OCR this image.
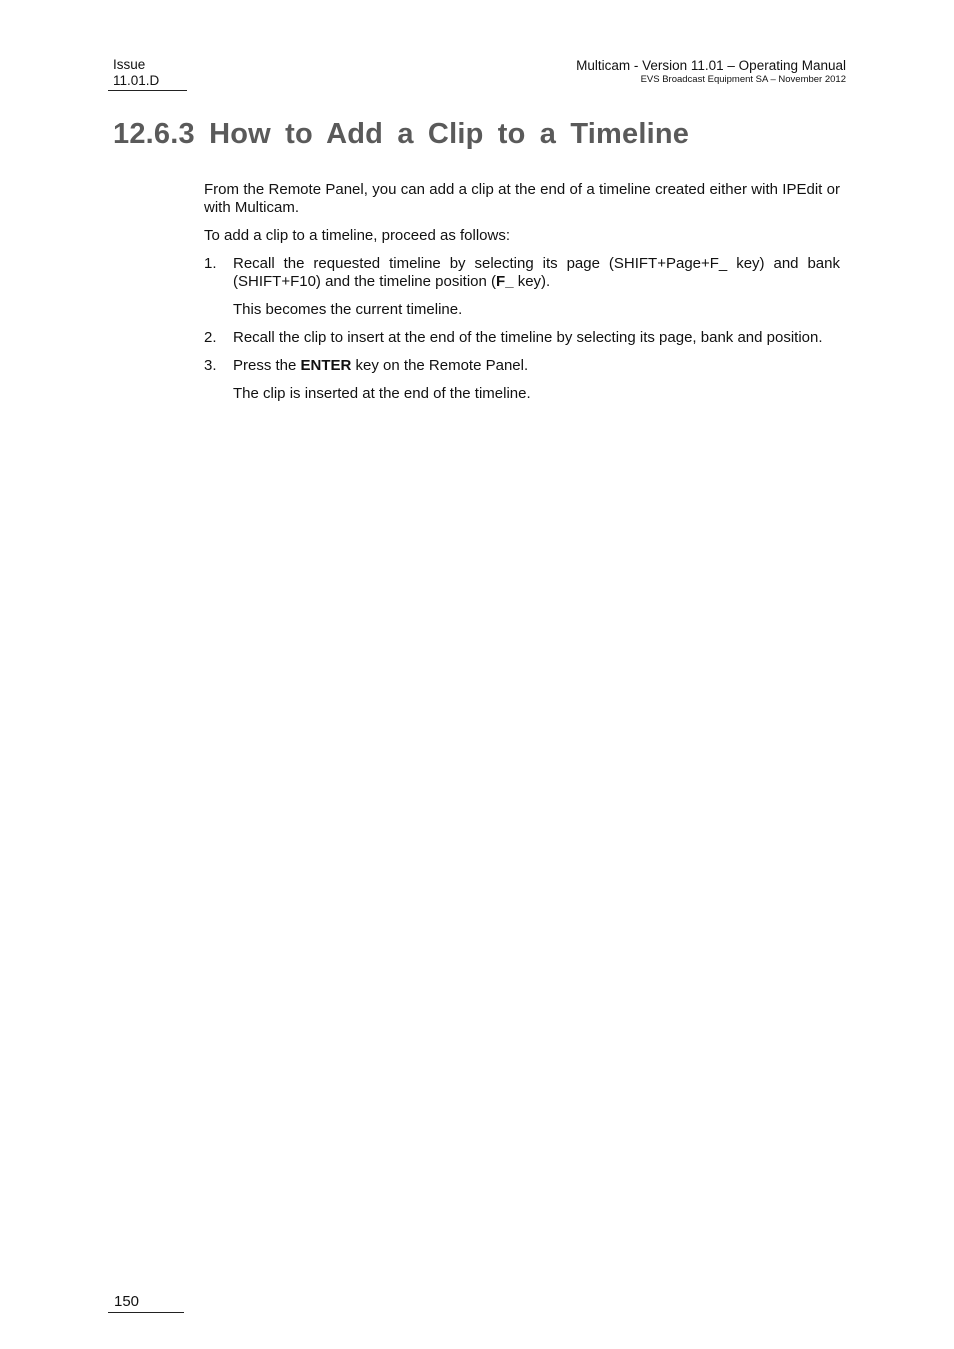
Issue
11.01.D
Multicam - Version 11.01 – Operating Manual
EVS Broadcast Equipment SA – November 2012
12.6.3 How to Add a Clip to a Timeline

From the Remote Panel, you can add a clip at the end of a timeline created either with IPEdit or with Multicam.

To add a clip to a timeline, proceed as follows:

1. Recall the requested timeline by selecting its page (SHIFT+Page+F_ key) and bank (SHIFT+F10) and the timeline position (F_ key).

This becomes the current timeline.

2. Recall the clip to insert at the end of the timeline by selecting its page, bank and position.
3. Press the ENTER key on the Remote Panel.

The clip is inserted at the end of the timeline.

150
